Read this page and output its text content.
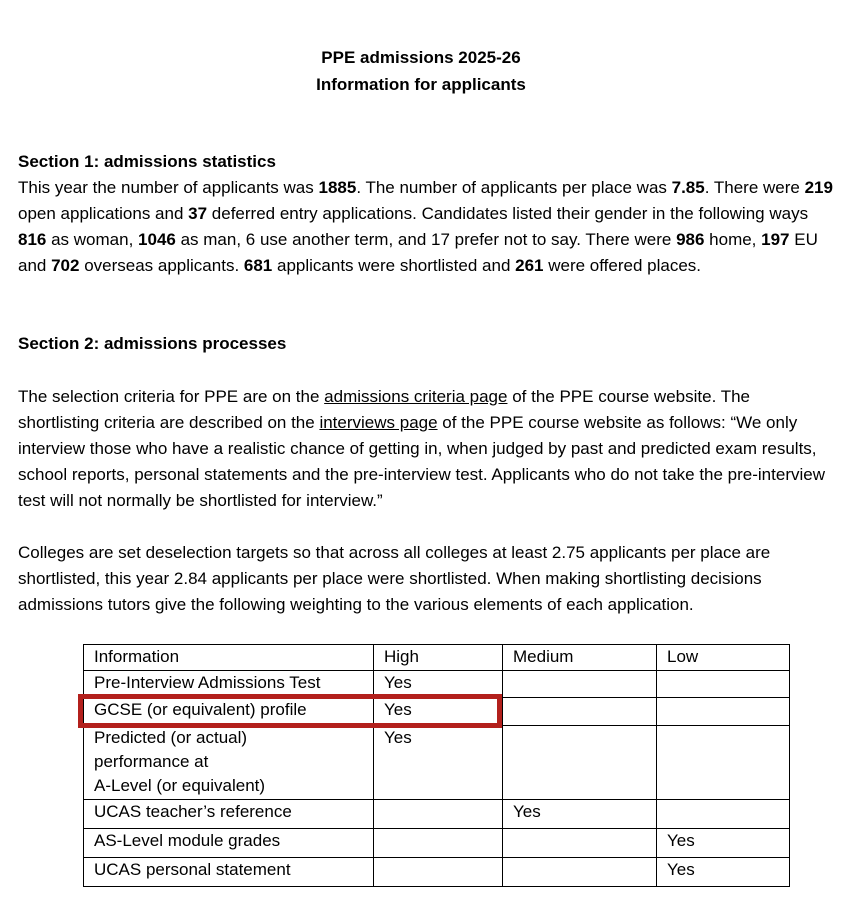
PPE admissions 2025-26
Information for applicants
Section 1: admissions statistics
This year the number of applicants was 1885. The number of applicants per place was 7.85. There were 219 open applications and 37 deferred entry applications. Candidates listed their gender in the following ways 816 as woman, 1046 as man, 6 use another term, and 17 prefer not to say. There were 986 home, 197 EU and 702 overseas applicants. 681 applicants were shortlisted and 261 were offered places.
Section 2: admissions processes
The selection criteria for PPE are on the admissions criteria page of the PPE course website. The shortlisting criteria are described on the interviews page of the PPE course website as follows: “We only interview those who have a realistic chance of getting in, when judged by past and predicted exam results, school reports, personal statements and the pre-interview test. Applicants who do not take the pre-interview test will not normally be shortlisted for interview.”
Colleges are set deselection targets so that across all colleges at least 2.75 applicants per place are shortlisted, this year 2.84 applicants per place were shortlisted. When making shortlisting decisions admissions tutors give the following weighting to the various elements of each application.
Information	High	Medium	Low
Pre-Interview Admissions Test	Yes		
GCSE (or equivalent) profile	Yes		

Predicted (or actual)
performance at
A-Level (or equivalent)	Yes		
UCAS teacher’s reference		Yes	
AS-Level module grades			Yes
UCAS personal statement			Yes
